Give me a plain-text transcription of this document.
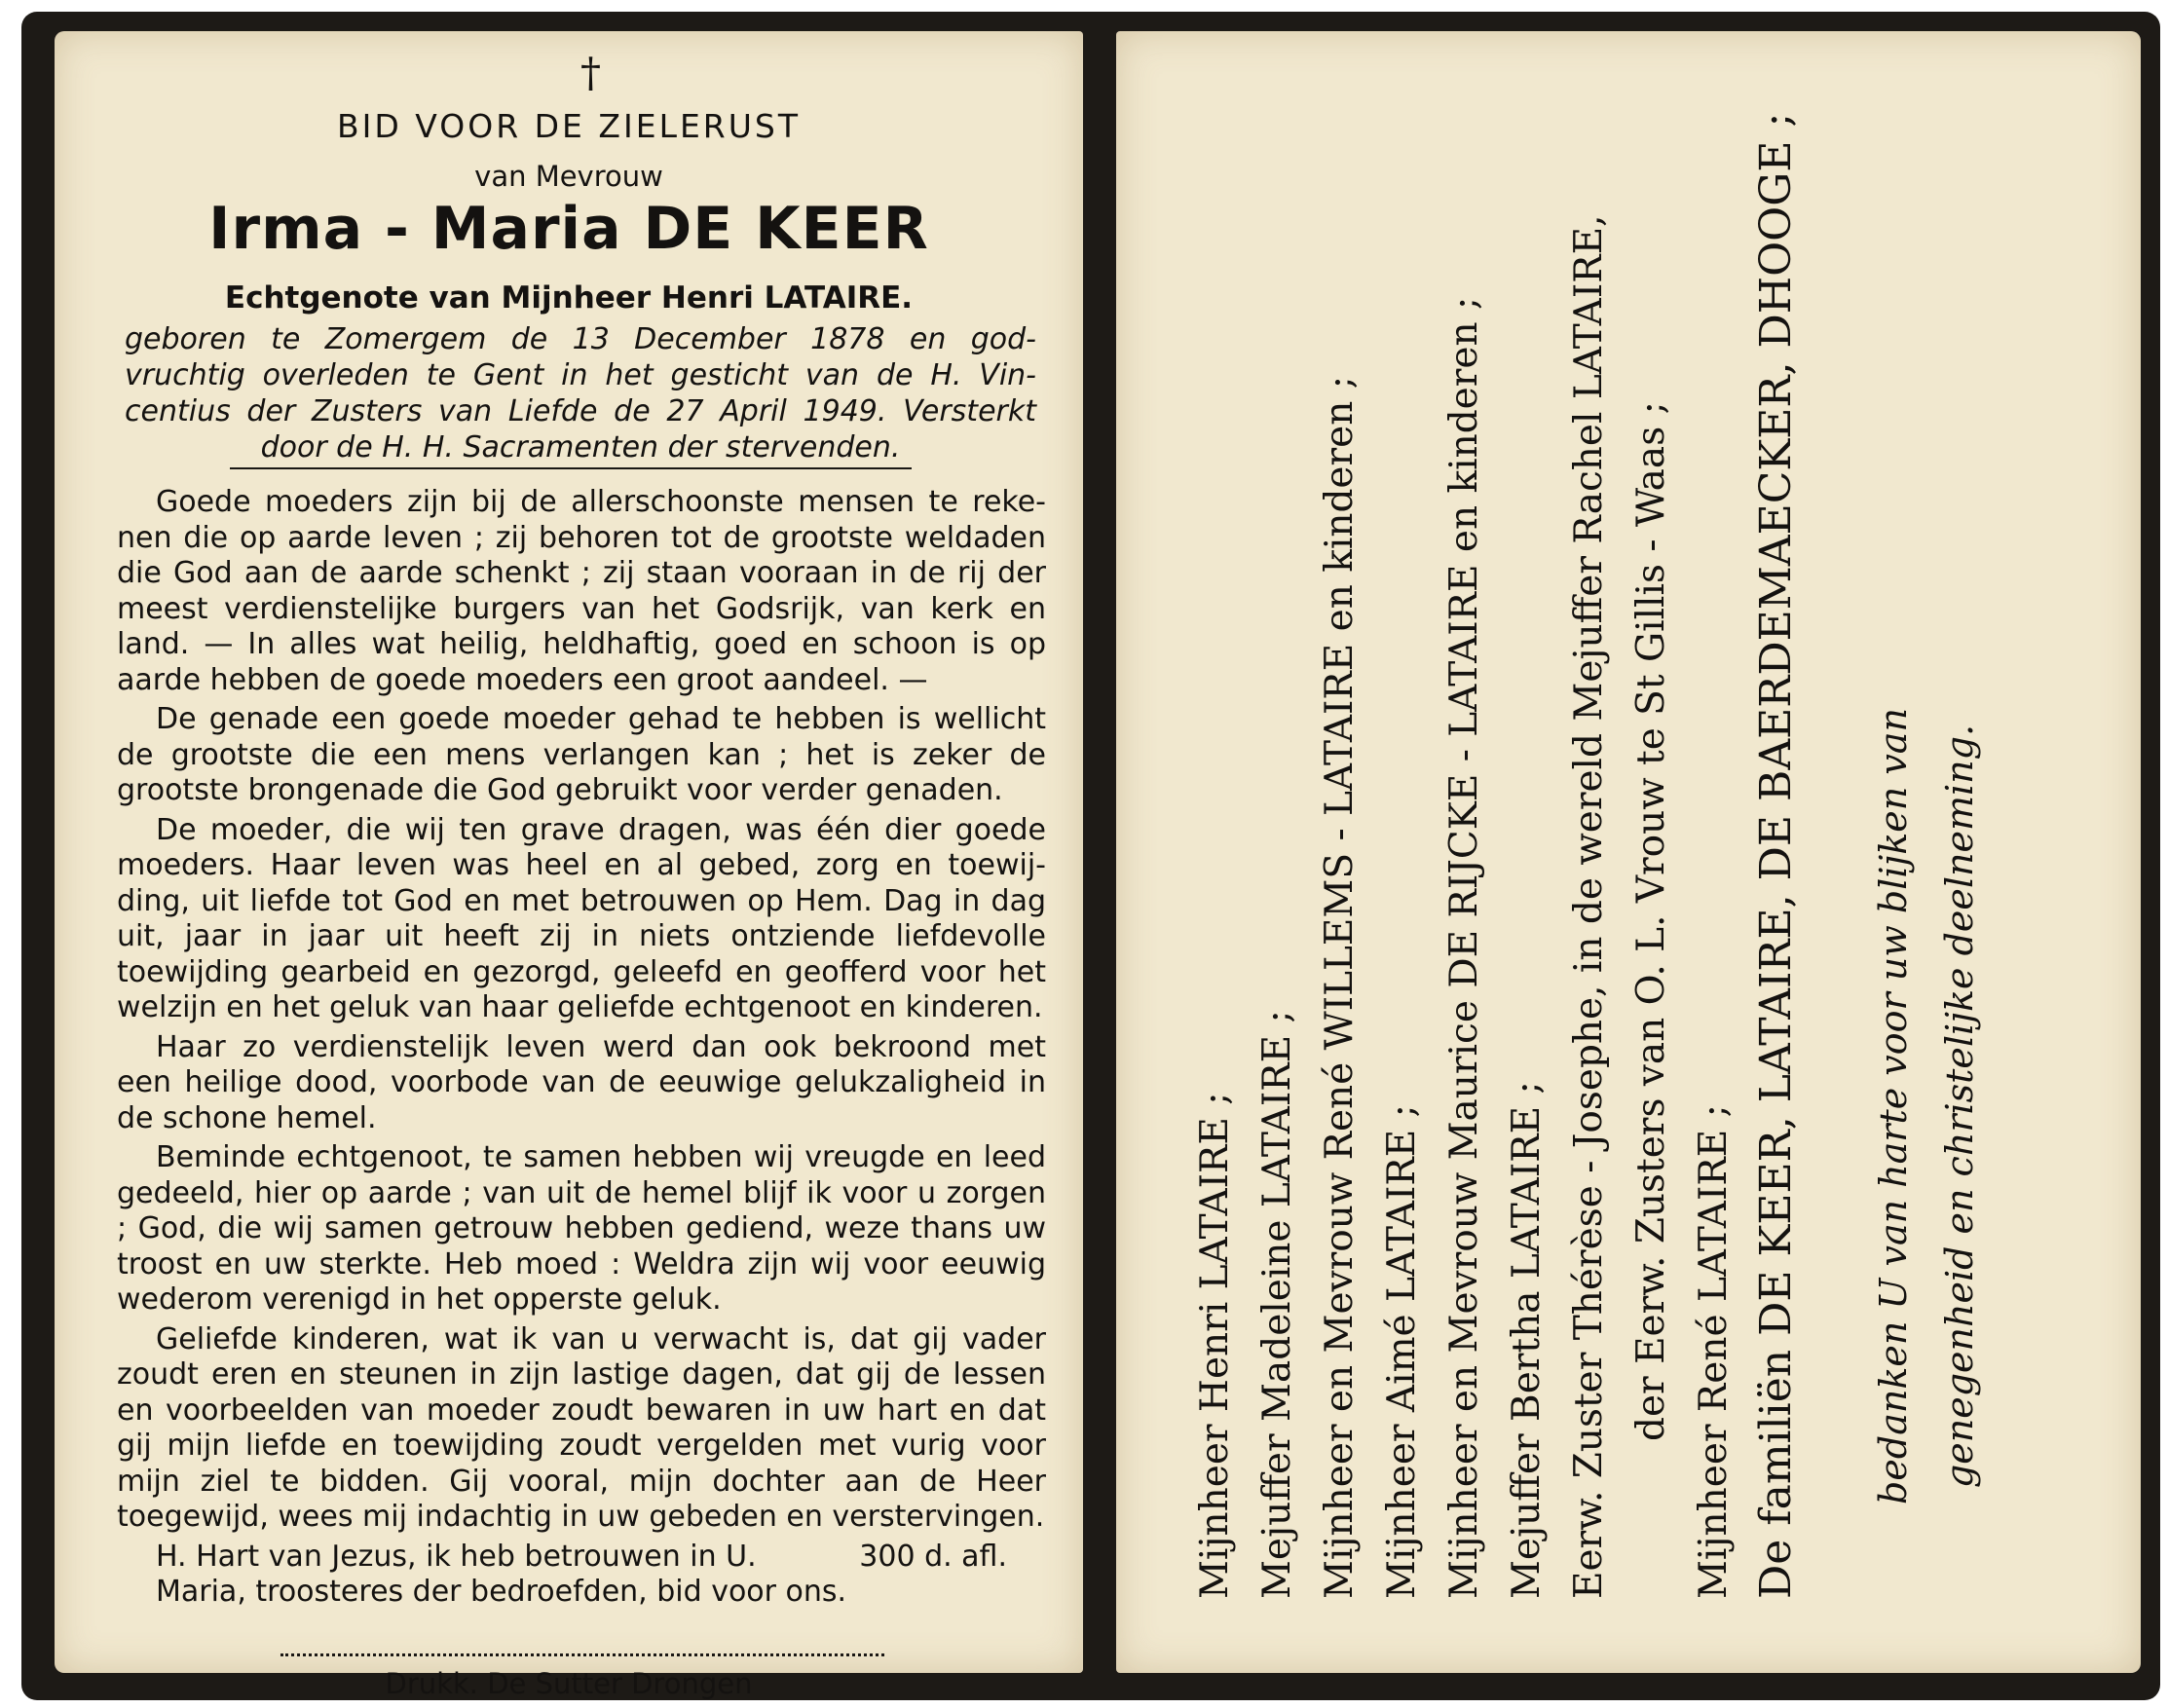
†
BID VOOR DE ZIELERUST
van Mevrouw
Irma - Maria DE KEER
Echtgenote van Mijnheer Henri LATAIRE.
geboren te Zomergem de 13 December 1878 en god-
vruchtig overleden te Gent in het gesticht van de H. Vin-
centius der Zusters van Liefde de 27 April 1949. Versterkt

door de H. H. Sacramenten der stervenden.

Goede moeders zijn bij de allerschoonste mensen te reke- nen die op aarde leven ; zij behoren tot de grootste weldaden die God aan de aarde schenkt ; zij staan vooraan in de rij der meest verdienstelijke burgers van het Godsrijk, van kerk en land. — In alles wat heilig, heldhaftig, goed en schoon is op aarde hebben de goede moeders een groot aandeel. —

De genade een goede moeder gehad te hebben is wellicht de grootste die een mens verlangen kan ; het is zeker de grootste brongenade die God gebruikt voor verder genaden.

De moeder, die wij ten grave dragen, was één dier goede moeders. Haar leven was heel en al gebed, zorg en toewij- ding, uit liefde tot God en met betrouwen op Hem. Dag in dag uit, jaar in jaar uit heeft zij in niets ontziende liefdevolle toewijding gearbeid en gezorgd, geleefd en geofferd voor het welzijn en het geluk van haar geliefde echtgenoot en kinderen.

Haar zo verdienstelijk leven werd dan ook bekroond met een heilige dood, voorbode van de eeuwige gelukzaligheid in de schone hemel.

Beminde echtgenoot, te samen hebben wij vreugde en leed gedeeld, hier op aarde ; van uit de hemel blijf ik voor u zorgen ; God, die wij samen getrouw hebben gediend, weze thans uw troost en uw sterkte. Heb moed : Weldra zijn wij voor eeuwig wederom verenigd in het opperste geluk.

Geliefde kinderen, wat ik van u verwacht is, dat gij vader zoudt eren en steunen in zijn lastige dagen, dat gij de lessen en voorbeelden van moeder zoudt bewaren in uw hart en dat gij mijn liefde en toewijding zoudt vergelden met vurig voor mijn ziel te bidden. Gij vooral, mijn dochter aan de Heer toegewijd, wees mij indachtig in uw gebeden en verstervingen.

H. Hart van Jezus, ik heb betrouwen in U.	300 d. afl.

Maria, troosteres der bedroefden, bid voor ons.

Drukk. De Sutter Drongen
Mijnheer Henri LATAIRE ; Mejuffer Madeleine LATAIRE ; Mijnheer en Mevrouw René WILLEMS - LATAIRE en kinderen ; Mijnheer Aimé LATAIRE ; Mijnheer en Mevrouw Maurice DE RIJCKE - LATAIRE en kinderen ; Mejuffer Bertha LATAIRE ; Eerw. Zuster Thérèse - Josephe, in de wereld Mejuffer Rachel LATAIRE, der Eerw. Zusters van O. L. Vrouw te St Gillis - Waas ; Mijnheer René LATAIRE ; De familiën DE KEER, LATAIRE, DE BAERDEMAECKER, DHOOGE ; bedanken U van harte voor uw blijken van genegenheid en christelijke deelneming.
